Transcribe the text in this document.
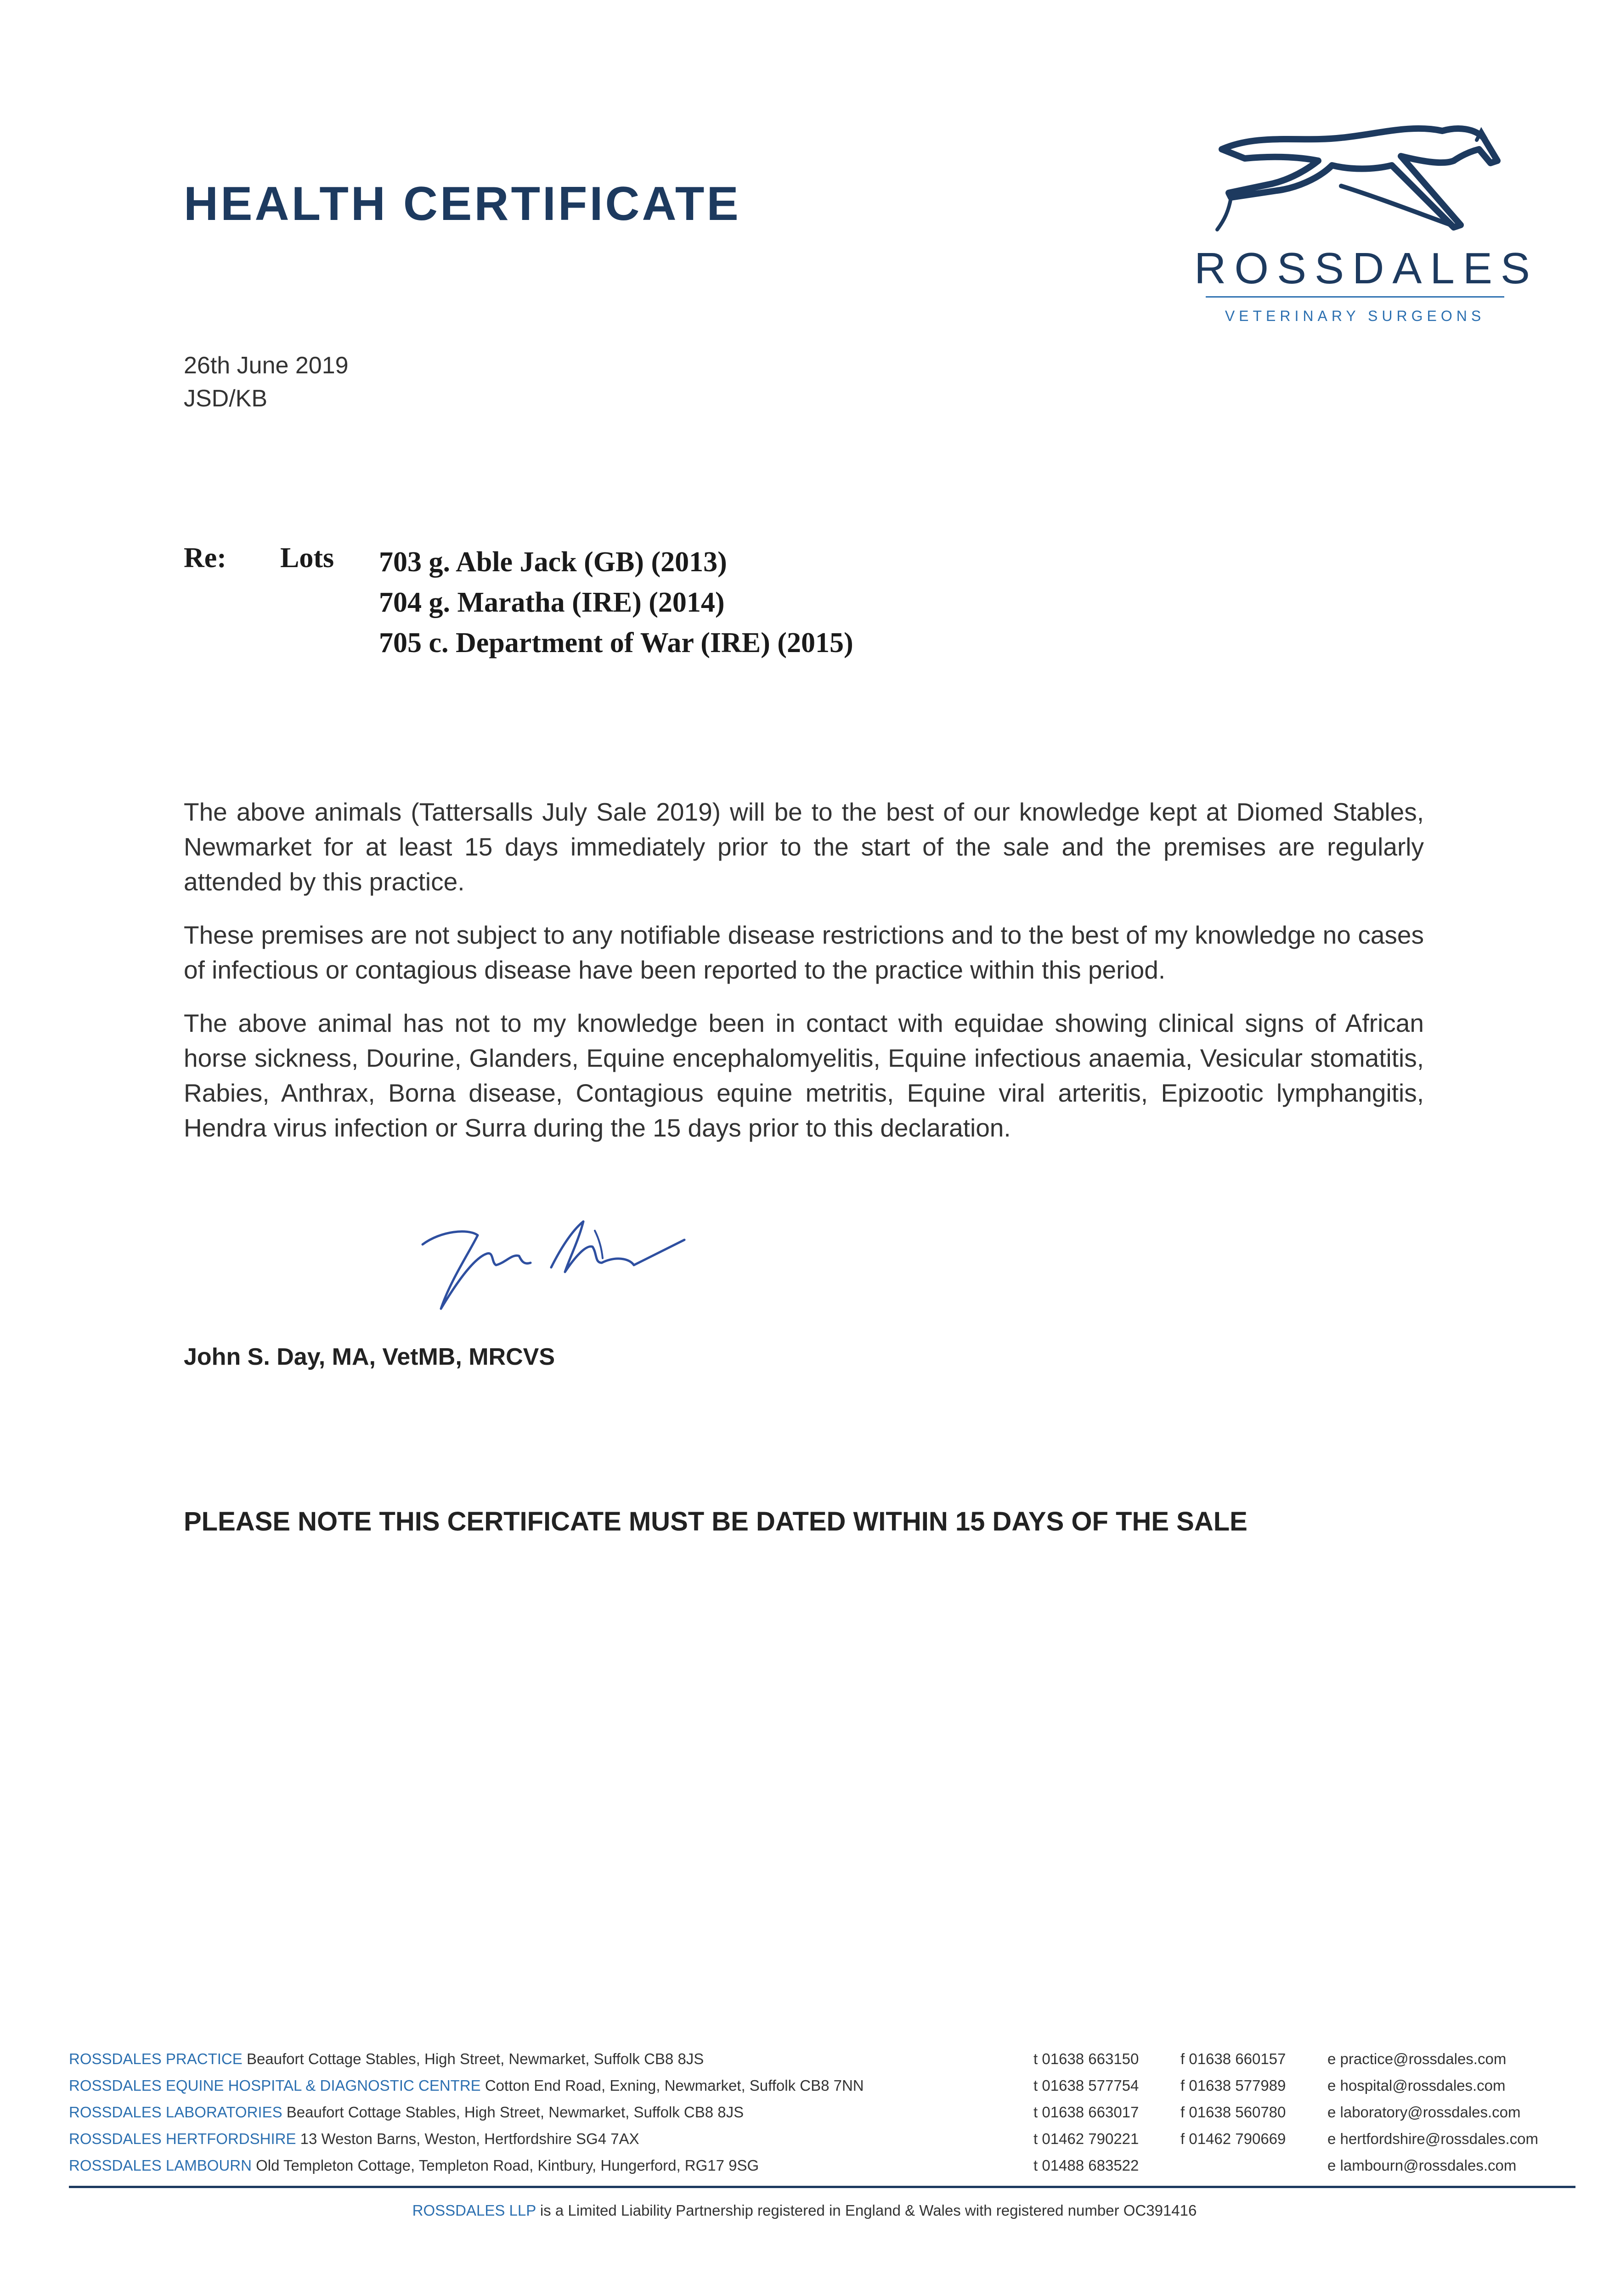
HEALTH CERTIFICATE
ROSSDALES
VETERINARY SURGEONS
26th June 2019
JSD/KB
Re: Lots 703 g. Able Jack (GB) (2013)
704 g. Maratha (IRE) (2014)
705 c. Department of War (IRE) (2015)

The above animals (Tattersalls July Sale 2019) will be to the best of our knowledge kept at Diomed Stables, Newmarket for at least 15 days immediately prior to the start of the sale and the premises are regularly attended by this practice.

These premises are not subject to any notifiable disease restrictions and to the best of my knowledge no cases of infectious or contagious disease have been reported to the practice within this period.

The above animal has not to my knowledge been in contact with equidae showing clinical signs of African horse sickness, Dourine, Glanders, Equine encephalomyelitis, Equine infectious anaemia, Vesicular stomatitis, Rabies, Anthrax, Borna disease, Contagious equine metritis, Equine viral arteritis, Epizootic lymphangitis, Hendra virus infection or Surra during the 15 days prior to this declaration.

John S. Day, MA, VetMB, MRCVS
PLEASE NOTE THIS CERTIFICATE MUST BE DATED WITHIN 15 DAYS OF THE SALE
ROSSDALES PRACTICE Beaufort Cottage Stables, High Street, Newmarket, Suffolk CB8 8JS	t 01638 663150	f 01638 660157	e practice@rossdales.com
ROSSDALES EQUINE HOSPITAL & DIAGNOSTIC CENTRE Cotton End Road, Exning, Newmarket, Suffolk CB8 7NN	t 01638 577754	f 01638 577989	e hospital@rossdales.com
ROSSDALES LABORATORIES Beaufort Cottage Stables, High Street, Newmarket, Suffolk CB8 8JS	t 01638 663017	f 01638 560780	e laboratory@rossdales.com
ROSSDALES HERTFORDSHIRE 13 Weston Barns, Weston, Hertfordshire SG4 7AX	t 01462 790221	f 01462 790669	e hertfordshire@rossdales.com
ROSSDALES LAMBOURN Old Templeton Cottage, Templeton Road, Kintbury, Hungerford, RG17 9SG	t 01488 683522	e lambourn@rossdales.com
ROSSDALES LLP is a Limited Liability Partnership registered in England & Wales with registered number OC391416
